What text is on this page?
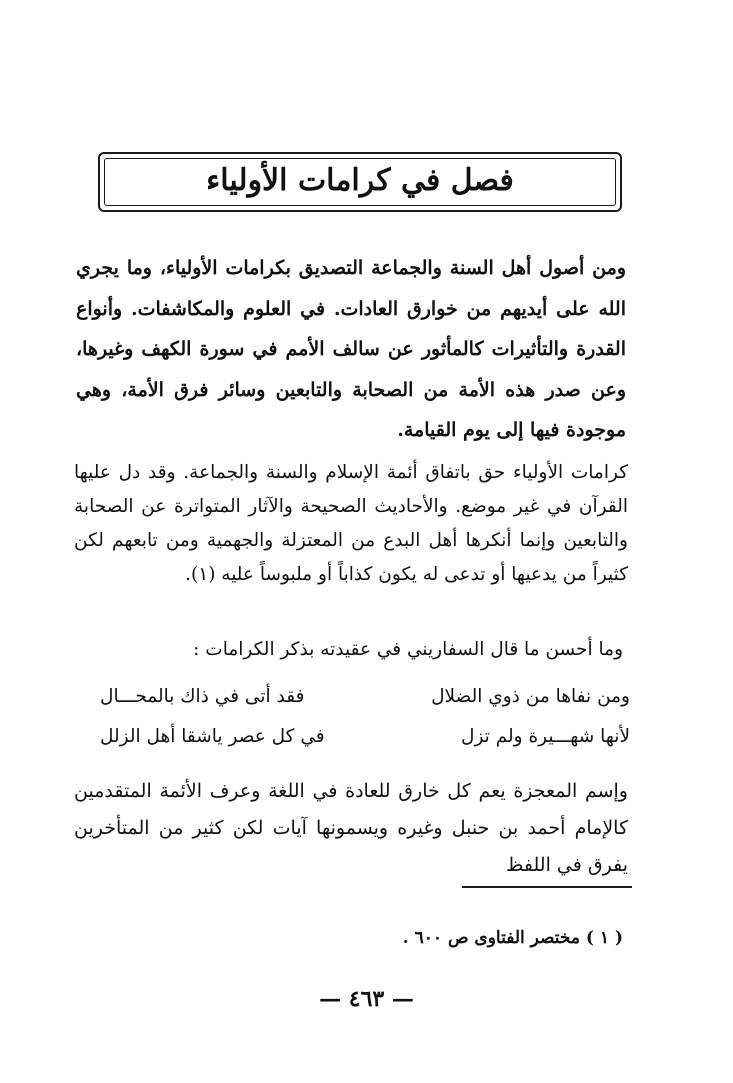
فصل في كرامات الأولياء

ومن أصول أهل السنة والجماعة التصديق بكرامات الأولياء، وما يجري الله على أيديهم من خوارق العادات. في العلوم والمكاشفات. وأنواع القدرة والتأثيرات كالمأثور عن سالف الأمم في سورة الكهف وغيرها، وعن صدر هذه الأمة من الصحابة والتابعين وسائر فرق الأمة، وهي موجودة فيها إلى يوم القيامة.

كرامات الأولياء حق باتفاق أئمة الإسلام والسنة والجماعة. وقد دل عليها القرآن في غير موضع. والأحاديث الصحيحة والآثار المتواترة عن الصحابة والتابعين وإنما أنكرها أهل البدع من المعتزلة والجهمية ومن تابعهم لكن كثيراً من يدعيها أو تدعى له يكون كذاباً أو ملبوساً عليه (١).

وما أحسن ما قال السفاريني في عقيدته بذكر الكرامات :

ومن نفاها من ذوي الضلال
فقد أتى في ذاك بالمحـــال
لأنها شهـــيرة ولم تزل
في كل عصر ياشقا أهل الزلل

وإسم المعجزة يعم كل خارق للعادة في اللغة وعرف الأئمة المتقدمين كالإمام أحمد بن حنبل وغيره ويسمونها آيات لكن كثير من المتأخرين يفرق في اللفظ

( ١ ) مختصر الفتاوى ص ٦٠٠ .
— ٤٦٣ —
